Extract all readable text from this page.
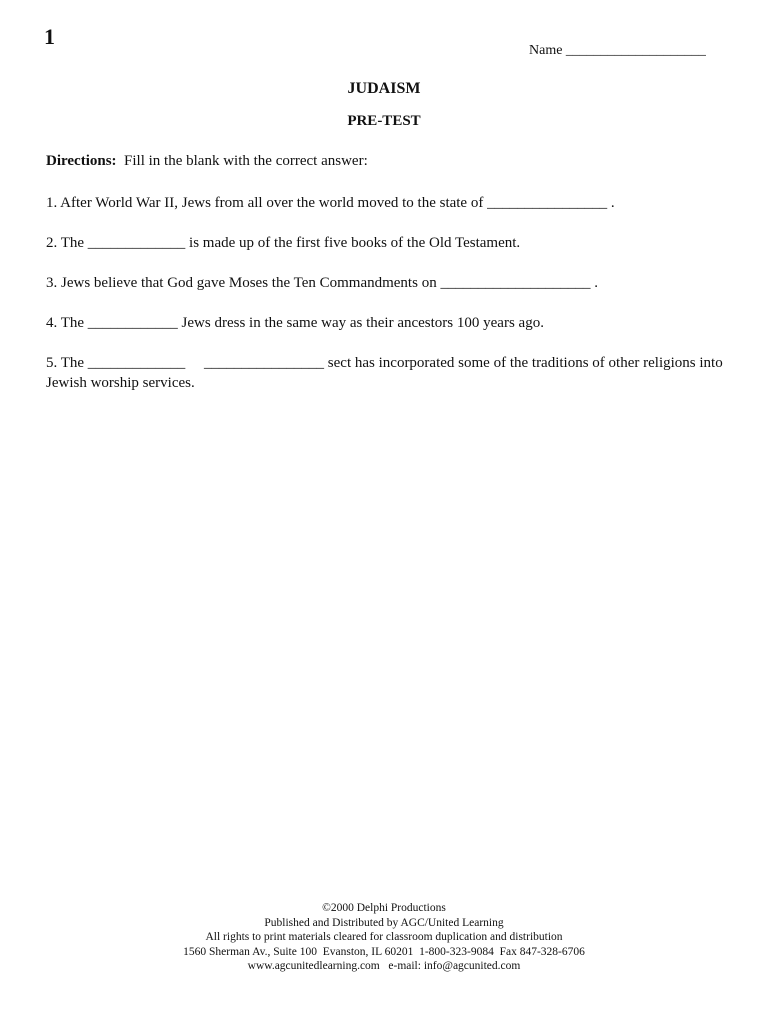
1
Name ____________________
JUDAISM
PRE-TEST
Directions:  Fill in the blank with the correct answer:

1. After World War II, Jews from all over the world moved to the state of ________________ .

2. The _____________ is made up of the first five books of the Old Testament.

3. Jews believe that God gave Moses the Ten Commandments on ____________________ .

4. The ____________ Jews dress in the same way as their ancestors 100 years ago.

5. The _____________     ________________ sect has incorporated some of the traditions of other religions into Jewish worship services.

©2000 Delphi Productions
Published and Distributed by AGC/United Learning
All rights to print materials cleared for classroom duplication and distribution
1560 Sherman Av., Suite 100  Evanston, IL 60201  1-800-323-9084  Fax 847-328-6706
www.agcunitedlearning.com   e-mail: info@agcunited.com
